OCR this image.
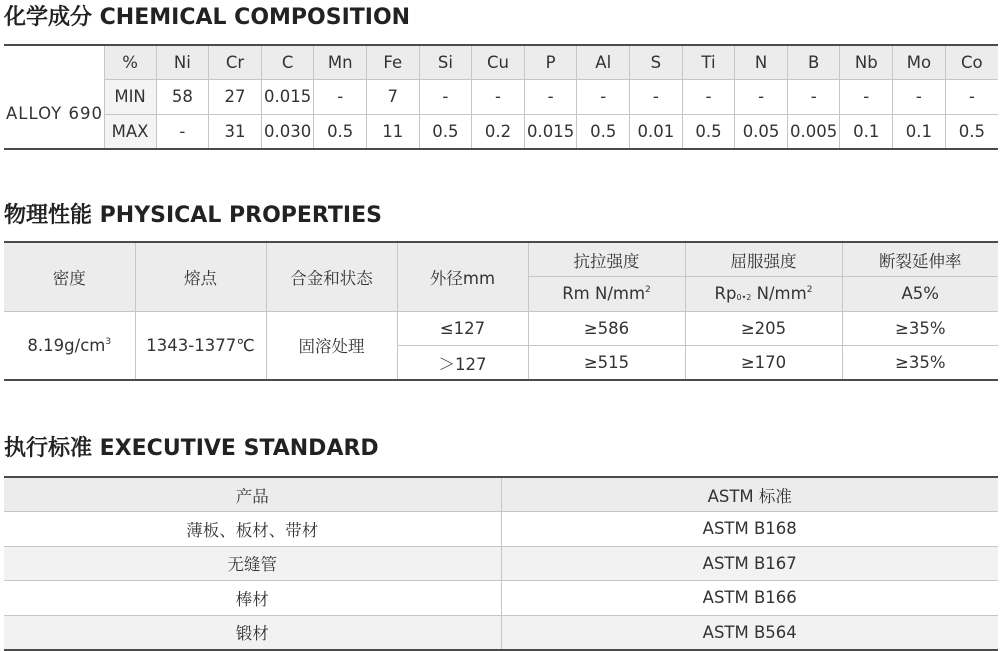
化学成分 CHEMICAL COMPOSITION
	%	Ni	Cr	C	Mn	Fe	Si	Cu	P	Al	S	Ti	N	B	Nb	Mo	Co
ALLOY 690	MIN	58	27	0.015	-	7	-	-	-	-	-	-	-	-	-	-	-
	MAX	-	31	0.030	0.5	11	0.5	0.2	0.015	0.5	0.01	0.5	0.05	0.005	0.1	0.1	0.5
物理性能 PHYSICAL PROPERTIES
密度	熔点	合金和状态	外径mm	抗拉强度	屈服强度	断裂延伸率
				Rm $N/mm^2$	$Rp_{0•2}$ $N/mm^2$	A5%
$8.19g/cm^3$	1343-1377℃	固溶处理	≤127	≥586	≥205	≥35%
			＞127	≥515	≥170	≥35%
执行标准 EXECUTIVE STANDARD
产品	ASTM 标准
薄板、板材、带材	ASTM B168
无缝管	ASTM B167
棒材	ASTM B166
锻材	ASTM B564
